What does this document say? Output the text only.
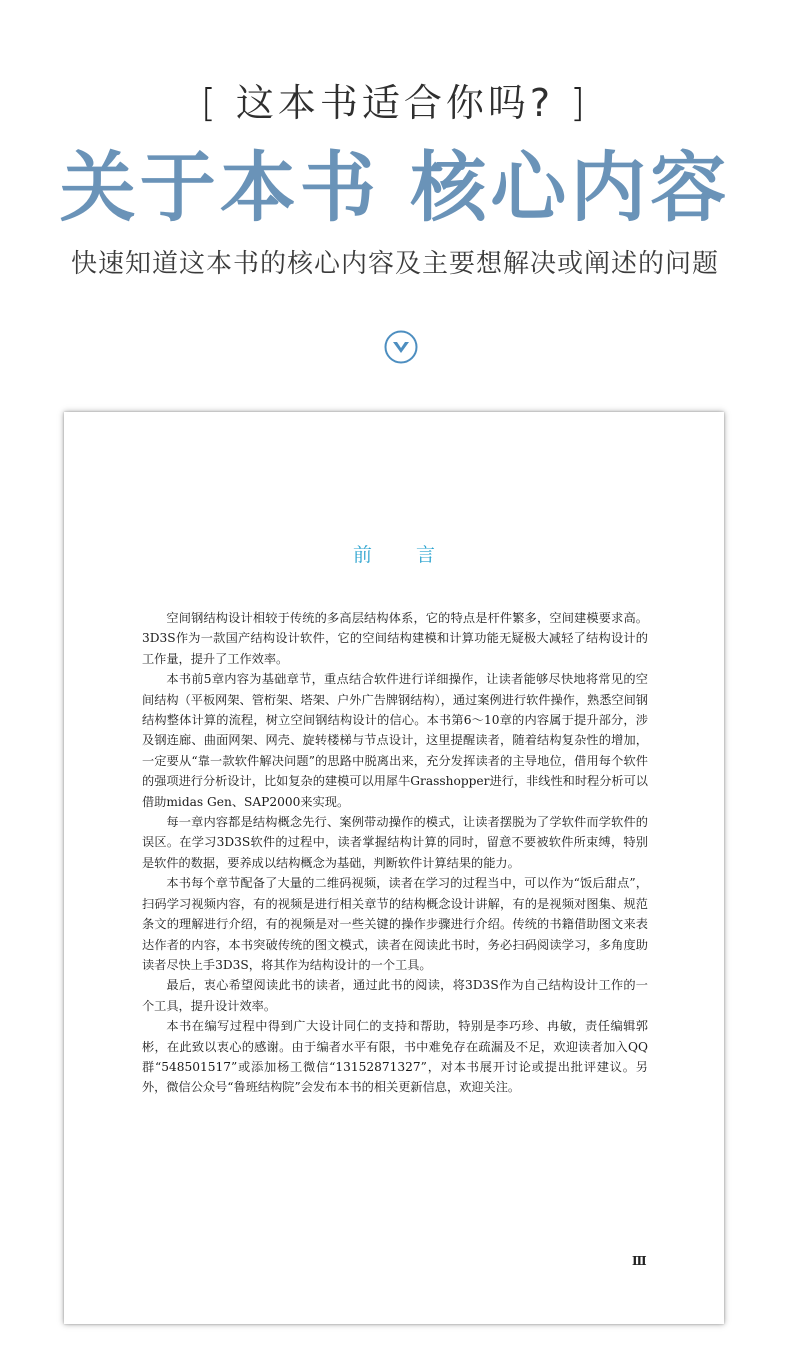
[ 这本书适合你吗? ]
关于本书 核心内容
快速知道这本书的核心内容及主要想解决或阐述的问题
前言

空间钢结构设计相较于传统的多高层结构体系，它的特点是杆件繁多，空间建模要求高。3D3S作为一款国产结构设计软件，它的空间结构建模和计算功能无疑极大减轻了结构设计的工作量，提升了工作效率。

本书前5章内容为基础章节，重点结合软件进行详细操作，让读者能够尽快地将常见的空间结构（平板网架、管桁架、塔架、户外广告牌钢结构），通过案例进行软件操作，熟悉空间钢结构整体计算的流程，树立空间钢结构设计的信心。本书第6～10章的内容属于提升部分，涉及钢连廊、曲面网架、网壳、旋转楼梯与节点设计，这里提醒读者，随着结构复杂性的增加，一定要从“靠一款软件解决问题”的思路中脱离出来，充分发挥读者的主导地位，借用每个软件的强项进行分析设计，比如复杂的建模可以用犀牛Grasshopper进行，非线性和时程分析可以借助midas Gen、SAP2000来实现。

每一章内容都是结构概念先行、案例带动操作的模式，让读者摆脱为了学软件而学软件的误区。在学习3D3S软件的过程中，读者掌握结构计算的同时，留意不要被软件所束缚，特别是软件的数据，要养成以结构概念为基础，判断软件计算结果的能力。

本书每个章节配备了大量的二维码视频，读者在学习的过程当中，可以作为“饭后甜点”，扫码学习视频内容，有的视频是进行相关章节的结构概念设计讲解，有的是视频对图集、规范条文的理解进行介绍，有的视频是对一些关键的操作步骤进行介绍。传统的书籍借助图文来表达作者的内容，本书突破传统的图文模式，读者在阅读此书时，务必扫码阅读学习，多角度助读者尽快上手3D3S，将其作为结构设计的一个工具。

最后，衷心希望阅读此书的读者，通过此书的阅读，将3D3S作为自己结构设计工作的一个工具，提升设计效率。

本书在编写过程中得到广大设计同仁的支持和帮助，特别是李巧珍、冉敏，责任编辑郭彬，在此致以衷心的感谢。由于编者水平有限，书中难免存在疏漏及不足，欢迎读者加入QQ群“548501517”或添加杨工微信“13152871327”，对本书展开讨论或提出批评建议。另外，微信公众号“鲁班结构院”会发布本书的相关更新信息，欢迎关注。

Ⅲ
